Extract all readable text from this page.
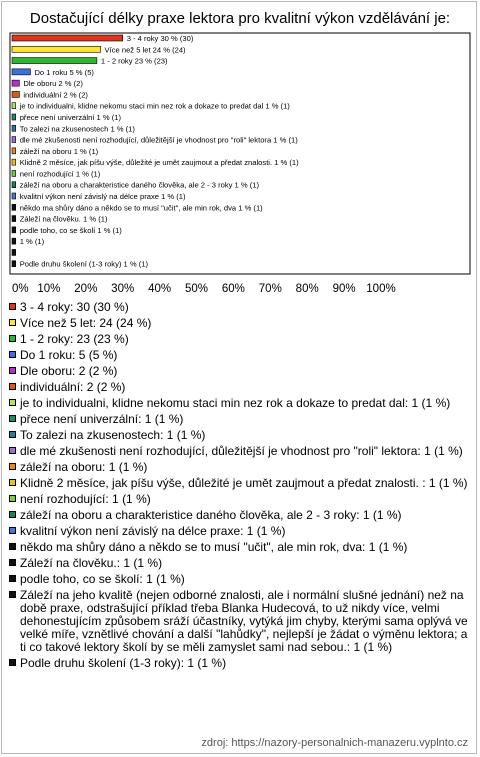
Dostačující délky praxe lektora pro kvalitní výkon vzdělávání je:
3 - 4 roky 30 % (30)
Více než 5 let 24 % (24)
1 - 2 roky 23 % (23)
Do 1 roku 5 % (5)
Dle oboru 2 % (2)
individuální 2 % (2)
je to individualni, klidne nekomu staci min nez rok a dokaze to predat dal 1 % (1)
přece není univerzální 1 % (1)
To zalezi na zkusenostech 1 % (1)
dle mé zkušenosti není rozhodující, důležitější je vhodnost pro "roli" lektora 1 % (1)
záleží na oboru 1 % (1)
Klidně 2 měsíce, jak píšu výše, důležité je umět zaujmout a předat znalosti. 1 % (1)
není rozhodující 1 % (1)
záleží na oboru a charakteristice daného člověka, ale 2 - 3 roky 1 % (1)
kvalitní výkon není závislý na délce praxe 1 % (1)
někdo ma shůry dáno a někdo se to musí "učit", ale min rok, dva 1 % (1)
Záleží na člověku. 1 % (1)
podle toho, co se školí 1 % (1)
1 % (1)
Podle druhu školení (1-3 roky) 1 % (1)
0% 10% 20% 30% 40% 50% 60% 70% 80% 90% 100%
3 - 4 roky: 30 (30 %)
Více než 5 let: 24 (24 %)
1 - 2 roky: 23 (23 %)
Do 1 roku: 5 (5 %)
Dle oboru: 2 (2 %)
individuální: 2 (2 %)
je to individualni, klidne nekomu staci min nez rok a dokaze to predat dal: 1 (1 %)
přece není univerzální: 1 (1 %)
To zalezi na zkusenostech: 1 (1 %)
dle mé zkušenosti není rozhodující, důležitější je vhodnost pro "roli" lektora: 1 (1 %)
záleží na oboru: 1 (1 %)
Klidně 2 měsíce, jak píšu výše, důležité je umět zaujmout a předat znalosti. : 1 (1 %)
není rozhodující: 1 (1 %)
záleží na oboru a charakteristice daného člověka, ale 2 - 3 roky: 1 (1 %)
kvalitní výkon není závislý na délce praxe: 1 (1 %)
někdo ma shůry dáno a někdo se to musí "učit", ale min rok, dva: 1 (1 %)
Záleží na člověku.: 1 (1 %)
podle toho, co se školí: 1 (1 %)
Záleží na jeho kvalitě (nejen odborné znalosti, ale i normální slušné jednání) než na době praxe, odstrašující příklad třeba Blanka Hudecová, to už nikdy více, velmi dehonestujícím způsobem sráží účastníky, vytýká jim chyby, kterými sama oplývá ve velké míře, vznětlivé chování a další "lahůdky", nejlepší je žádat o výměnu lektora; a ti co takové lektory školí by se měli zamyslet sami nad sebou.: 1 (1 %)
Podle druhu školení (1-3 roky): 1 (1 %)
zdroj: https://nazory-personalnich-manazeru.vyplnto.cz
